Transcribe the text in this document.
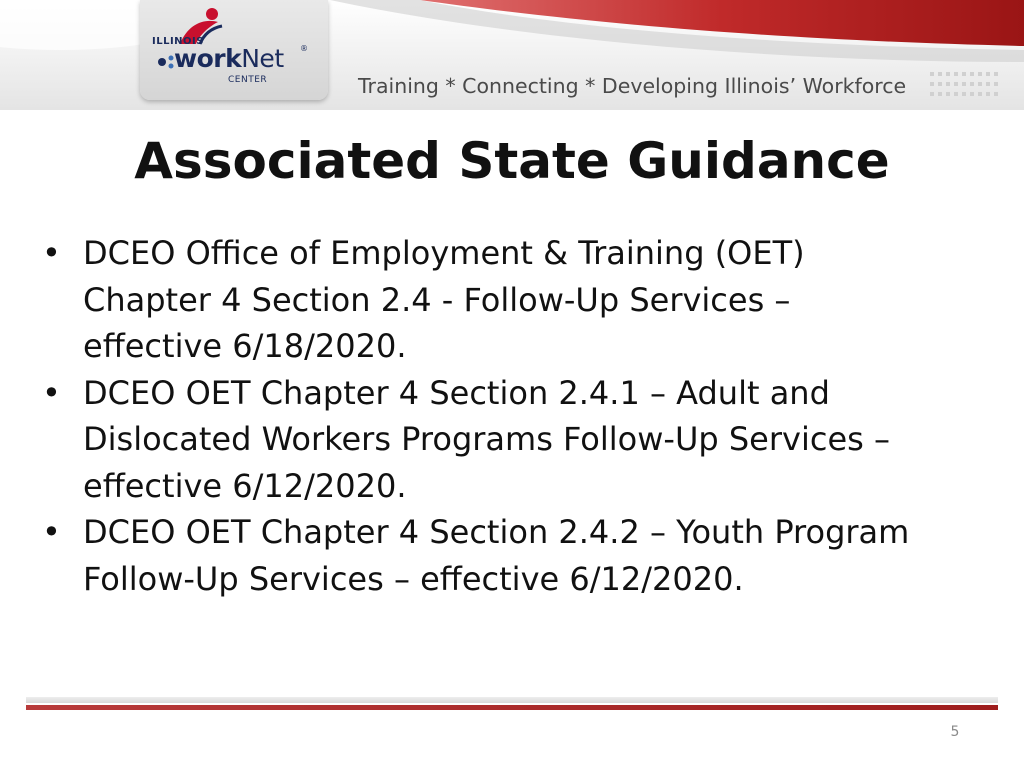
ILLINOIS
workNet ®
CENTER	Training * Connecting * Developing Illinois’ Workforce
Associated State Guidance
• DCEO Office of Employment & Training (OET)
Chapter 4 Section 2.4 - Follow-Up Services –
effective 6/18/2020.
• DCEO OET Chapter 4 Section 2.4.1 – Adult and
Dislocated Workers Programs Follow-Up Services –
effective 6/12/2020.
• DCEO OET Chapter 4 Section 2.4.2 – Youth Program
Follow-Up Services – effective 6/12/2020.
5
